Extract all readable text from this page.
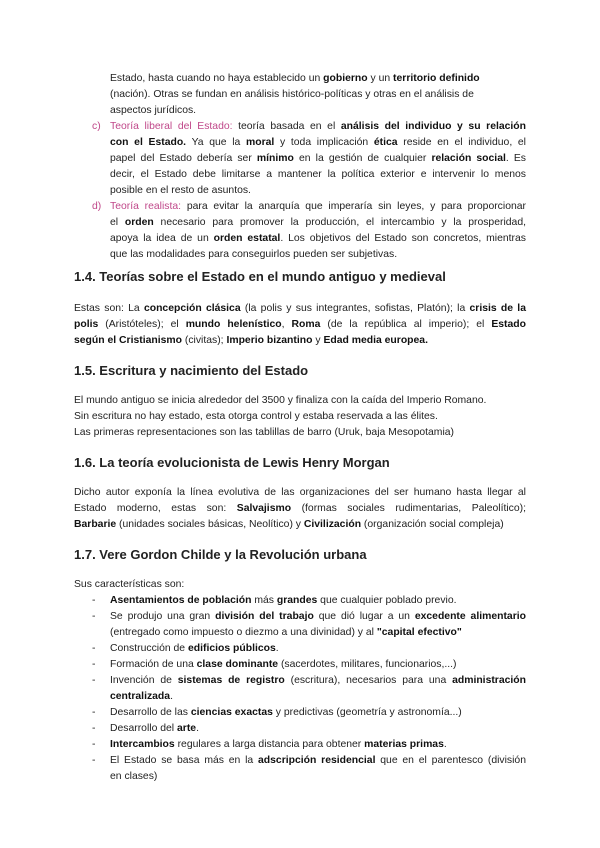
Estado, hasta cuando no haya establecido un gobierno y un territorio definido

(nación). Otras se fundan en análisis histórico-políticas y otras en el análisis de

aspectos jurídicos.

c) Teoría liberal del Estado: teoría basada en el análisis del individuo y su relación

con el Estado. Ya que la moral y toda implicación ética reside en el individuo, el

papel del Estado debería ser mínimo en la gestión de cualquier relación social. Es

decir, el Estado debe limitarse a mantener la política exterior e intervenir lo menos

posible en el resto de asuntos.

d) Teoría realista: para evitar la anarquía que imperaría sin leyes, y para proporcionar

el orden necesario para promover la producción, el intercambio y la prosperidad,

apoya la idea de un orden estatal. Los objetivos del Estado son concretos, mientras

que las modalidades para conseguirlos pueden ser subjetivas.

1.4. Teorías sobre el Estado en el mundo antiguo y medieval

Estas son: La concepción clásica (la polis y sus integrantes, sofistas, Platón); la crisis de la

polis (Aristóteles); el mundo helenístico, Roma (de la república al imperio); el Estado

según el Cristianismo (civitas); Imperio bizantino y Edad media europea.

1.5. Escritura y nacimiento del Estado

El mundo antiguo se inicia alrededor del 3500 y finaliza con la caída del Imperio Romano.

Sin escritura no hay estado, esta otorga control y estaba reservada a las élites.

Las primeras representaciones son las tablillas de barro (Uruk, baja Mesopotamia)

1.6. La teoría evolucionista de Lewis Henry Morgan

Dicho autor exponía la línea evolutiva de las organizaciones del ser humano hasta llegar al

Estado moderno, estas son: Salvajismo (formas sociales rudimentarias, Paleolítico);

Barbarie (unidades sociales básicas, Neolítico) y Civilización (organización social compleja)

1.7. Vere Gordon Childe y la Revolución urbana

Sus características son:

- Asentamientos de población más grandes que cualquier poblado previo.

- Se produjo una gran división del trabajo que dió lugar a un excedente alimentario

(entregado como impuesto o diezmo a una divinidad) y al "capital efectivo"

- Construcción de edificios públicos.

- Formación de una clase dominante (sacerdotes, militares, funcionarios,...)

- Invención de sistemas de registro (escritura), necesarios para una administración

centralizada.

- Desarrollo de las ciencias exactas y predictivas (geometría y astronomía...)

- Desarrollo del arte.

- Intercambios regulares a larga distancia para obtener materias primas.

- El Estado se basa más en la adscripción residencial que en el parentesco (división

en clases)
